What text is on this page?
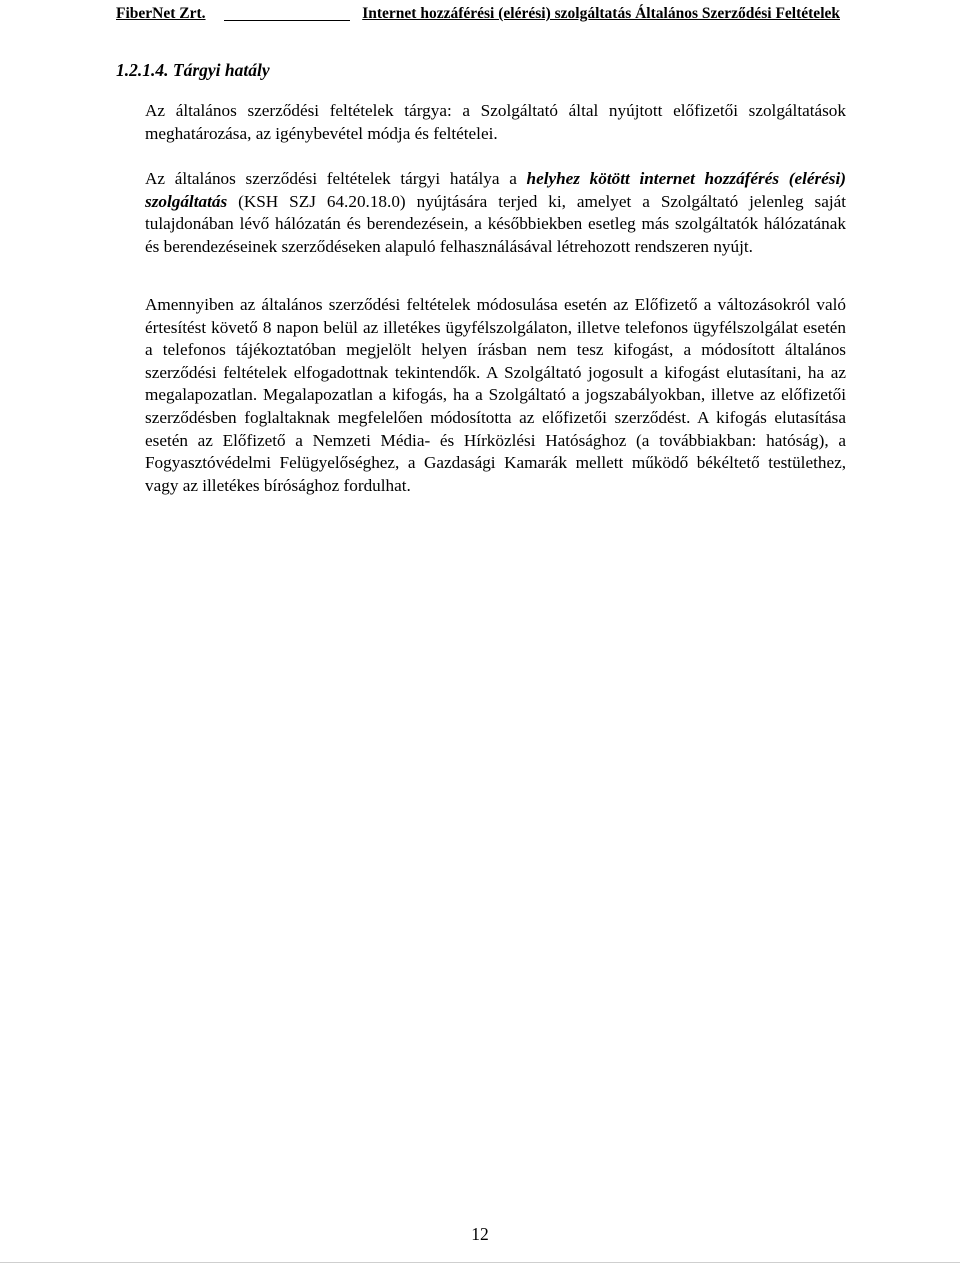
FiberNet Zrt.	Internet hozzáférési (elérési) szolgáltatás Általános Szerződési Feltételek
1.2.1.4. Tárgyi hatály
Az általános szerződési feltételek tárgya: a Szolgáltató által nyújtott előfizetői szolgáltatások meghatározása, az igénybevétel módja és feltételei.
Az általános szerződési feltételek tárgyi hatálya a helyhez kötött internet hozzáférés (elérési) szolgáltatás (KSH SZJ 64.20.18.0) nyújtására terjed ki, amelyet a Szolgáltató jelenleg saját tulajdonában lévő hálózatán és berendezésein, a későbbiekben esetleg más szolgáltatók hálózatának és berendezéseinek szerződéseken alapuló felhasználásával létrehozott rendszeren nyújt.
Amennyiben az általános szerződési feltételek módosulása esetén az Előfizető a változásokról való értesítést követő 8 napon belül az illetékes ügyfélszolgálaton, illetve telefonos ügyfélszolgálat esetén a telefonos tájékoztatóban megjelölt helyen írásban nem tesz kifogást, a módosított általános szerződési feltételek elfogadottnak tekintendők. A Szolgáltató jogosult a kifogást elutasítani, ha az megalapozatlan. Megalapozatlan a kifogás, ha a Szolgáltató a jogszabályokban, illetve az előfizetői szerződésben foglaltaknak megfelelően módosította az előfizetői szerződést. A kifogás elutasítása esetén az Előfizető a Nemzeti Média- és Hírközlési Hatósághoz (a továbbiakban: hatóság), a Fogyasztóvédelmi Felügyelőséghez, a Gazdasági Kamarák mellett működő békéltető testülethez, vagy az illetékes bírósághoz fordulhat.
12
